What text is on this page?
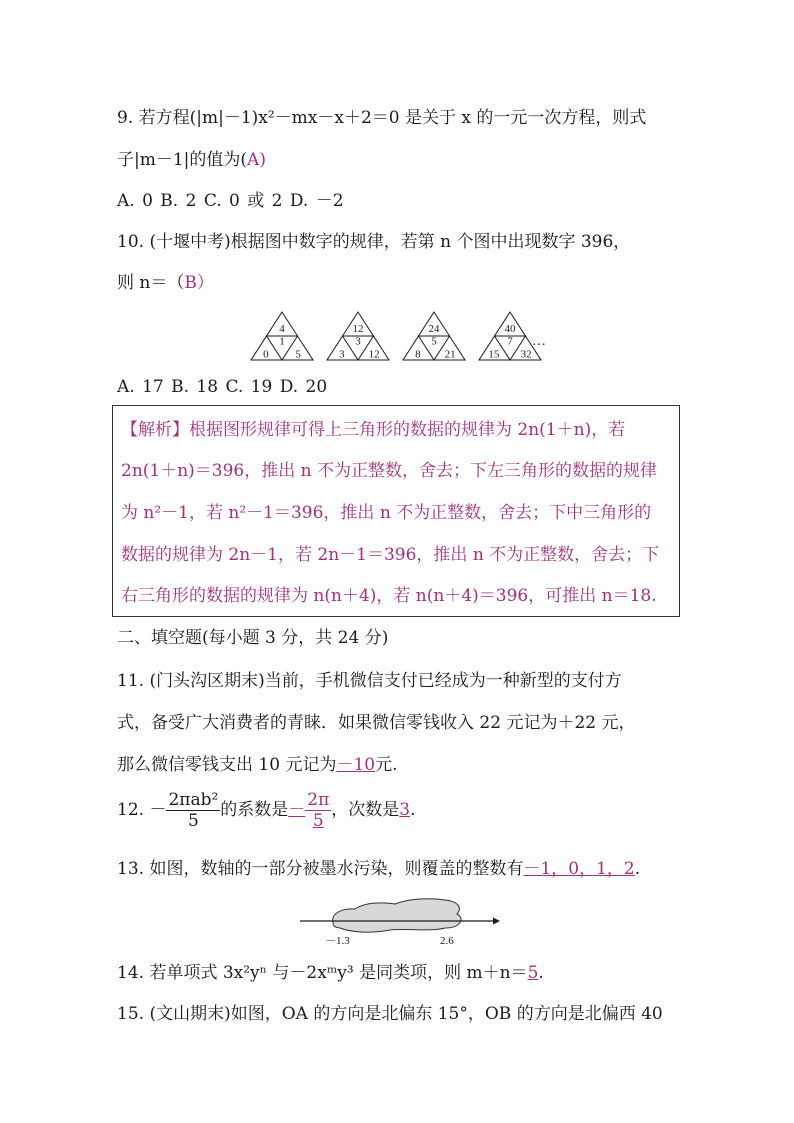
9. 若方程(|m|－1)x²－mx－x＋2＝0 是关于 x 的一元一次方程，则式
子|m－1|的值为(A)
A. 0 B. 2 C. 0 或 2 D. －2
10. (十堰中考)根据图中数字的规律，若第 n 个图中出现数字 396，
则 n＝（B）
4
1
0 5
12
3
3 12
24
5
8 21
40
7
15 32
…
A. 17 B. 18 C. 19 D. 20
【解析】根据图形规律可得上三角形的数据的规律为 2n(1＋n)，若
2n(1＋n)＝396，推出 n 不为正整数，舍去；下左三角形的数据的规律
为 n²－1，若 n²－1＝396，推出 n 不为正整数，舍去；下中三角形的
数据的规律为 2n－1，若 2n－1＝396，推出 n 不为正整数，舍去；下
右三角形的数据的规律为 n(n＋4)，若 n(n＋4)＝396，可推出 n＝18.
二、填空题(每小题 3 分，共 24 分)
11. (门头沟区期末)当前，手机微信支付已经成为一种新型的支付方
式，备受广大消费者的青睐．如果微信零钱收入 22 元记为＋22 元，
那么微信零钱支出 10 元记为－10元.
12. － $\frac{\text{2πab²}}{5}$ 的系数是－ $\frac{2\pi}{5}$ ，次数是3.
13. 如图，数轴的一部分被墨水污染，则覆盖的整数有－1，0，1，2.
－1.3	2.6
14. 若单项式 3x²yⁿ 与－2xᵐy³ 是同类项，则 m＋n＝5.
15. (文山期末)如图，OA 的方向是北偏东 15°，OB 的方向是北偏西 40
